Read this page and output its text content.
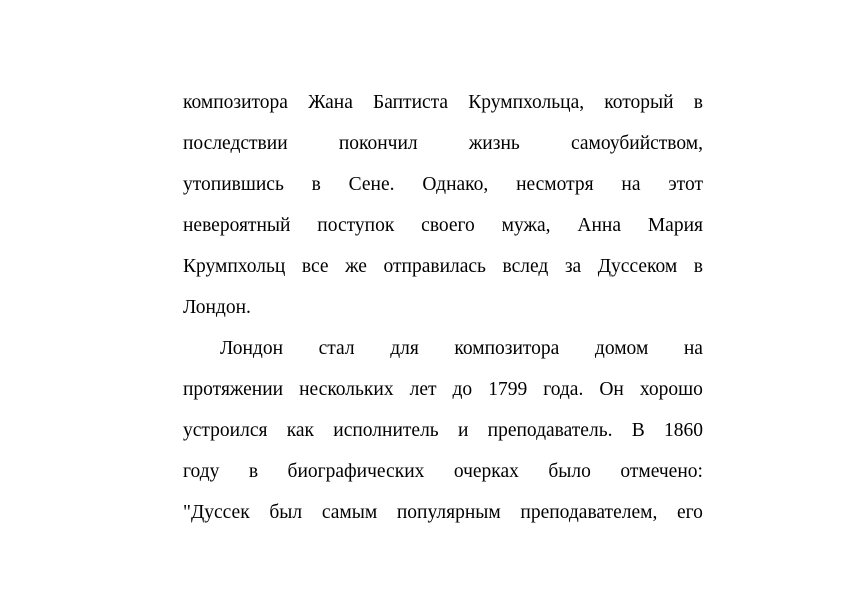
композитора Жана Баптиста Крумпхольца, который в
последствии	покончил	жизнь	самоубийством,
утопившись в Сене. Однако, несмотря на этот
невероятный поступок своего мужа, Анна Мария
Крумпхольц все же отправилась вслед за Дуссеком в
Лондон.
Лондон стал для композитора домом на
протяжении нескольких лет до 1799 года. Он хорошо
устроился как исполнитель и преподаватель. В 1860
году в биографических очерках было отмечено:
"Дуссек был самым популярным преподавателем, его
